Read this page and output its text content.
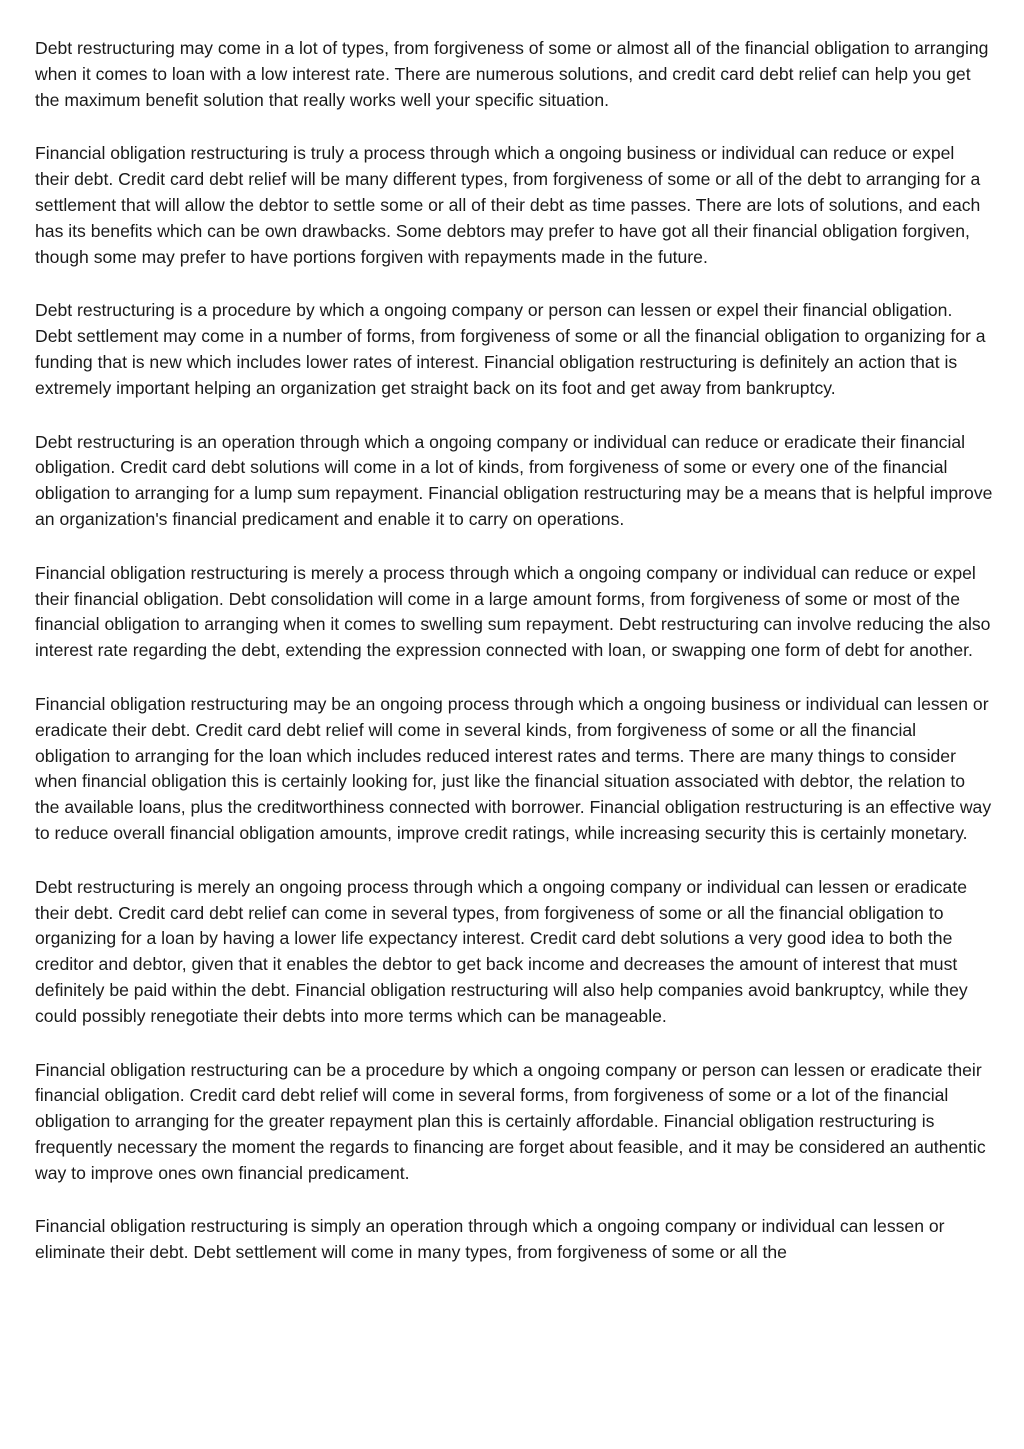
Debt restructuring may come in a lot of types, from forgiveness of some or almost all of the financial obligation to arranging when it comes to loan with a low interest rate. There are numerous solutions, and credit card debt relief can help you get the maximum benefit solution that really works well your specific situation.

Financial obligation restructuring is truly a process through which a ongoing business or individual can reduce or expel their debt. Credit card debt relief will be many different types, from forgiveness of some or all of the debt to arranging for a settlement that will allow the debtor to settle some or all of their debt as time passes. There are lots of solutions, and each has its benefits which can be own drawbacks. Some debtors may prefer to have got all their financial obligation forgiven, though some may prefer to have portions forgiven with repayments made in the future.

Debt restructuring is a procedure by which a ongoing company or person can lessen or expel their financial obligation. Debt settlement may come in a number of forms, from forgiveness of some or all the financial obligation to organizing for a funding that is new which includes lower rates of interest. Financial obligation restructuring is definitely an action that is extremely important helping an organization get straight back on its foot and get away from bankruptcy.

Debt restructuring is an operation through which a ongoing company or individual can reduce or eradicate their financial obligation. Credit card debt solutions will come in a lot of kinds, from forgiveness of some or every one of the financial obligation to arranging for a lump sum repayment. Financial obligation restructuring may be a means that is helpful improve an organization's financial predicament and enable it to carry on operations.

Financial obligation restructuring is merely a process through which a ongoing company or individual can reduce or expel their financial obligation. Debt consolidation will come in a large amount forms, from forgiveness of some or most of the financial obligation to arranging when it comes to swelling sum repayment. Debt restructuring can involve reducing the also interest rate regarding the debt, extending the expression connected with loan, or swapping one form of debt for another.

Financial obligation restructuring may be an ongoing process through which a ongoing business or individual can lessen or eradicate their debt. Credit card debt relief will come in several kinds, from forgiveness of some or all the financial obligation to arranging for the loan which includes reduced interest rates and terms. There are many things to consider when financial obligation this is certainly looking for, just like the financial situation associated with debtor, the relation to the available loans, plus the creditworthiness connected with borrower. Financial obligation restructuring is an effective way to reduce overall financial obligation amounts, improve credit ratings, while increasing security this is certainly monetary.

Debt restructuring is merely an ongoing process through which a ongoing company or individual can lessen or eradicate their debt. Credit card debt relief can come in several types, from forgiveness of some or all the financial obligation to organizing for a loan by having a lower life expectancy interest. Credit card debt solutions a very good idea to both the creditor and debtor, given that it enables the debtor to get back income and decreases the amount of interest that must definitely be paid within the debt. Financial obligation restructuring will also help companies avoid bankruptcy, while they could possibly renegotiate their debts into more terms which can be manageable.

Financial obligation restructuring can be a procedure by which a ongoing company or person can lessen or eradicate their financial obligation. Credit card debt relief will come in several forms, from forgiveness of some or a lot of the financial obligation to arranging for the greater repayment plan this is certainly affordable. Financial obligation restructuring is frequently necessary the moment the regards to financing are forget about feasible, and it may be considered an authentic way to improve ones own financial predicament.

Financial obligation restructuring is simply an operation through which a ongoing company or individual can lessen or eliminate their debt. Debt settlement will come in many types, from forgiveness of some or all the
